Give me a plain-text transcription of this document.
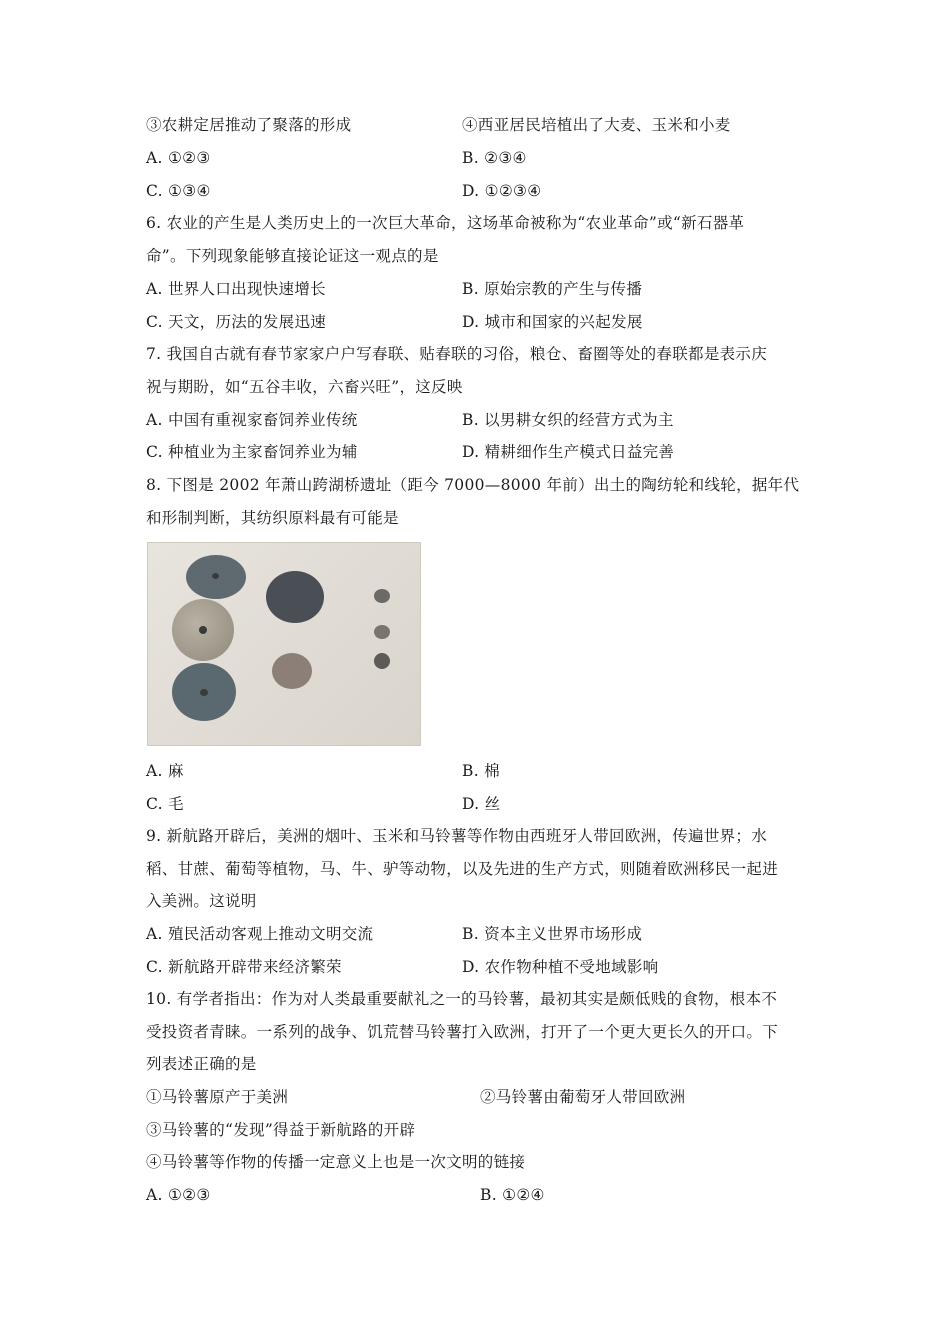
③农耕定居推动了聚落的形成	④西亚居民培植出了大麦、玉米和小麦
A. ①②③	B. ②③④
C. ①③④	D. ①②③④
6. 农业的产生是人类历史上的一次巨大革命，这场革命被称为“农业革命”或“新石器革
命”。下列现象能够直接论证这一观点的是
A. 世界人口出现快速增长	B. 原始宗教的产生与传播
C. 天文，历法的发展迅速	D. 城市和国家的兴起发展
7. 我国自古就有春节家家户户写春联、贴春联的习俗，粮仓、畜圈等处的春联都是表示庆
祝与期盼，如“五谷丰收，六畜兴旺”，这反映
A. 中国有重视家畜饲养业传统	B. 以男耕女织的经营方式为主
C. 种植业为主家畜饲养业为辅	D. 精耕细作生产模式日益完善
8. 下图是 2002 年萧山跨湖桥遗址（距今 7000—8000 年前）出土的陶纺轮和线轮，据年代
和形制判断，其纺织原料最有可能是
A. 麻	B. 棉
C. 毛	D. 丝
9. 新航路开辟后，美洲的烟叶、玉米和马铃薯等作物由西班牙人带回欧洲，传遍世界；水
稻、甘蔗、葡萄等植物，马、牛、驴等动物，以及先进的生产方式，则随着欧洲移民一起进
入美洲。这说明
A. 殖民活动客观上推动文明交流	B. 资本主义世界市场形成
C. 新航路开辟带来经济繁荣	D. 农作物种植不受地域影响
10. 有学者指出：作为对人类最重要献礼之一的马铃薯，最初其实是颇低贱的食物，根本不
受投资者青睐。一系列的战争、饥荒替马铃薯打入欧洲，打开了一个更大更长久的开口。下
列表述正确的是
①马铃薯原产于美洲	②马铃薯由葡萄牙人带回欧洲
③马铃薯的“发现”得益于新航路的开辟
④马铃薯等作物的传播一定意义上也是一次文明的链接
A. ①②③	B. ①②④
